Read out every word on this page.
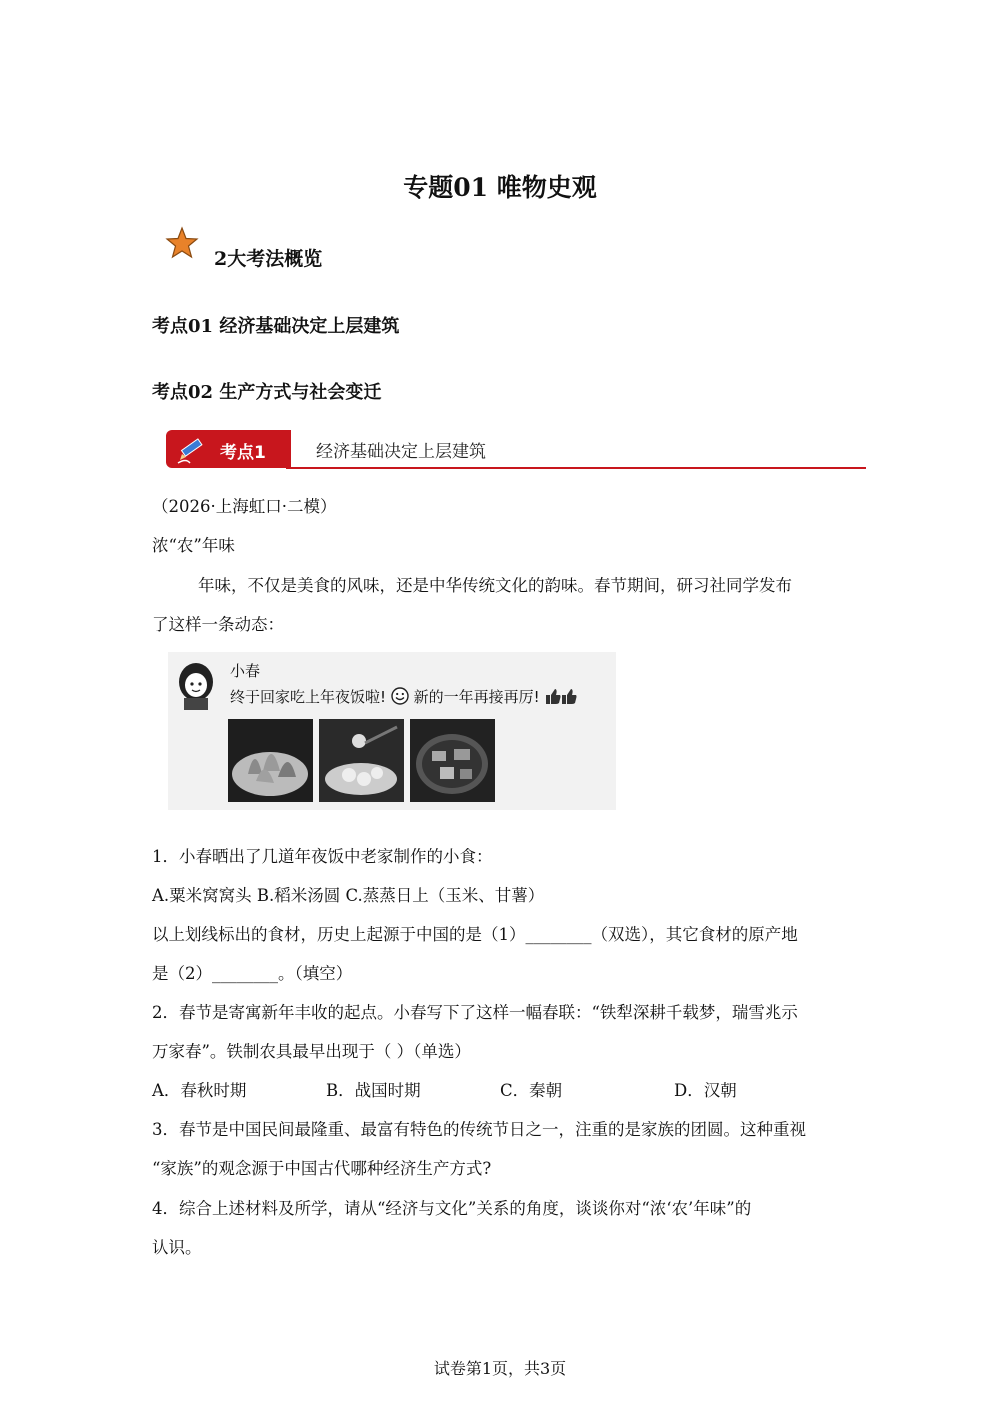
专题01 唯物史观
2大考法概览
考点01 经济基础决定上层建筑
考点02 生产方式与社会变迁
考点1	经济基础决定上层建筑
（2026·上海虹口·二模）
浓“农”年味
年味，不仅是美食的风味，还是中华传统文化的韵味。春节期间，研习社同学发布
了这样一条动态：
小春
终于回家吃上年夜饭啦! 新的一年再接再厉!
1．小春晒出了几道年夜饭中老家制作的小食：
A.粟米窝窝头 B.稻米汤圆 C.蒸蒸日上（玉米、甘薯）
以上划线标出的食材，历史上起源于中国的是（1）________（双选），其它食材的原产地
是（2）________。（填空）
2．春节是寄寓新年丰收的起点。小春写下了这样一幅春联：“铁犁深耕千载梦，瑞雪兆示
万家春”。铁制农具最早出现于（ ）（单选）
A．春秋时期	B．战国时期	C．秦朝	D．汉朝
3．春节是中国民间最隆重、最富有特色的传统节日之一，注重的是家族的团圆。这种重视
“家族”的观念源于中国古代哪种经济生产方式?
4．综合上述材料及所学，请从“经济与文化”关系的角度，谈谈你对“浓‘农’年味”的
认识。
试卷第1页，共3页
